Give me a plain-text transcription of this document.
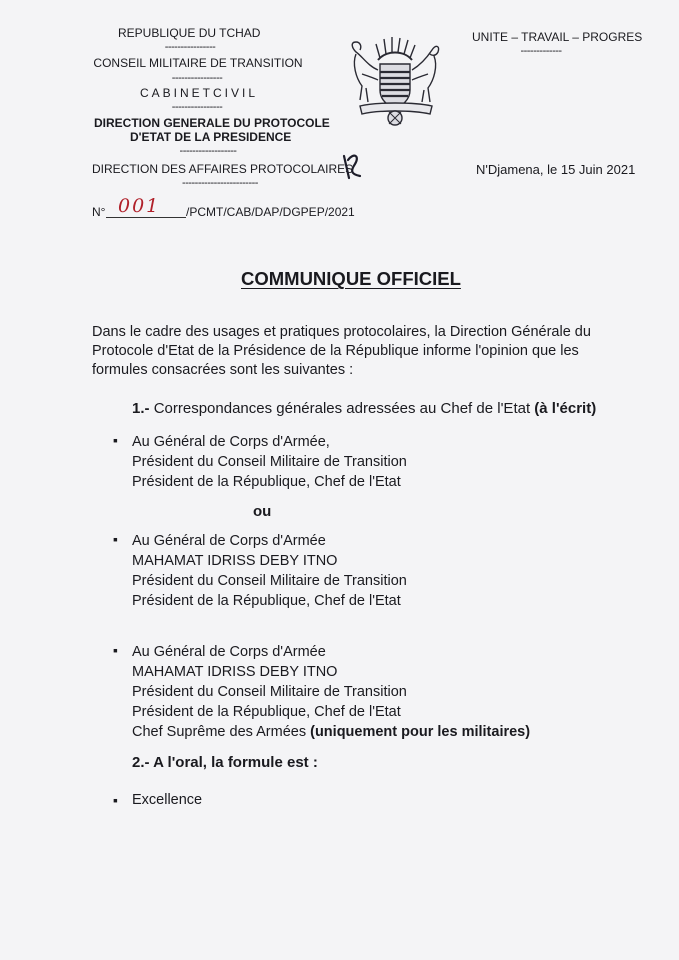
REPUBLIQUE DU TCHAD
----------------
CONSEIL MILITAIRE DE TRANSITION
----------------
CABINETCIVIL
----------------
DIRECTION GENERALE DU PROTOCOLE
D'ETAT DE LA PRESIDENCE
------------------
DIRECTION DES AFFAIRES PROTOCOLAIRES
------------------------
N° 001 /PCMT/CAB/DAP/DGPEP/2021
UNITE – TRAVAIL – PROGRES
-------------
N'Djamena, le 15 Juin 2021
COMMUNIQUE OFFICIEL
Dans le cadre des usages et pratiques protocolaires, la Direction Générale du
Protocole d'Etat de la Présidence de la République informe l'opinion que les
formules consacrées sont les suivantes :
1.- Correspondances générales adressées au Chef de l'Etat (à l'écrit)
▪ Au Général de Corps d'Armée,
Président du Conseil Militaire de Transition
Président de la République, Chef de l'Etat
ou
▪ Au Général de Corps d'Armée
MAHAMAT IDRISS DEBY ITNO
Président du Conseil Militaire de Transition
Président de la République, Chef de l'Etat
▪ Au Général de Corps d'Armée
MAHAMAT IDRISS DEBY ITNO
Président du Conseil Militaire de Transition
Président de la République, Chef de l'Etat
Chef Suprême des Armées (uniquement pour les militaires)
2.- A l'oral, la formule est :
▪ Excellence
